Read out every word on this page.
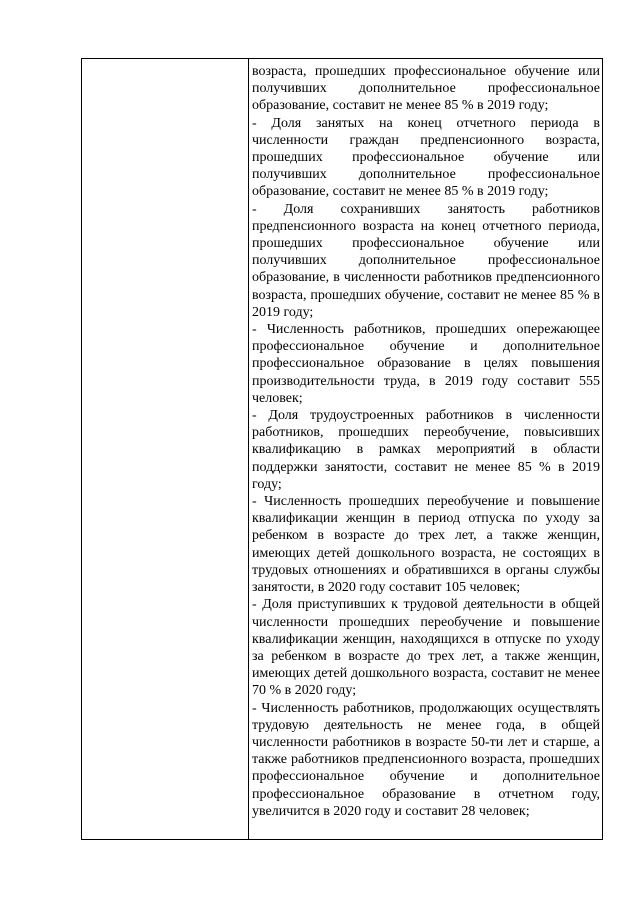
возраста, прошедших профессиональное обучение или получивших дополнительное профессиональное образование, составит не менее 85 % в 2019 году;

- Доля занятых на конец отчетного периода в численности граждан предпенсионного возраста, прошедших профессиональное обучение или получивших дополнительное профессиональное образование, составит не менее 85 % в 2019 году;

- Доля сохранивших занятость работников предпенсионного возраста на конец отчетного периода, прошедших профессиональное обучение или получивших дополнительное профессиональное образование, в численности работников предпенсионного возраста, прошедших обучение, составит не менее 85 % в 2019 году;

- Численность работников, прошедших опережающее профессиональное обучение и дополнительное профессиональное образование в целях повышения производительности труда, в 2019 году составит 555 человек;

- Доля трудоустроенных работников в численности работников, прошедших переобучение, повысивших квалификацию в рамках мероприятий в области поддержки занятости, составит не менее 85 % в 2019 году;

- Численность прошедших переобучение и повышение квалификации женщин в период отпуска по уходу за ребенком в возрасте до трех лет, а также женщин, имеющих детей дошкольного возраста, не состоящих в трудовых отношениях и обратившихся в органы службы занятости, в 2020 году составит 105 человек;

- Доля приступивших к трудовой деятельности в общей численности прошедших переобучение и повышение квалификации женщин, находящихся в отпуске по уходу за ребенком в возрасте до трех лет, а также женщин, имеющих детей дошкольного возраста, составит не менее 70 % в 2020 году;

- Численность работников, продолжающих осуществлять трудовую деятельность не менее года, в общей численности работников в возрасте 50-ти лет и старше, а также работников предпенсионного возраста, прошедших профессиональное обучение и дополнительное профессиональное образование в отчетном году, увеличится в 2020 году и составит 28 человек;
